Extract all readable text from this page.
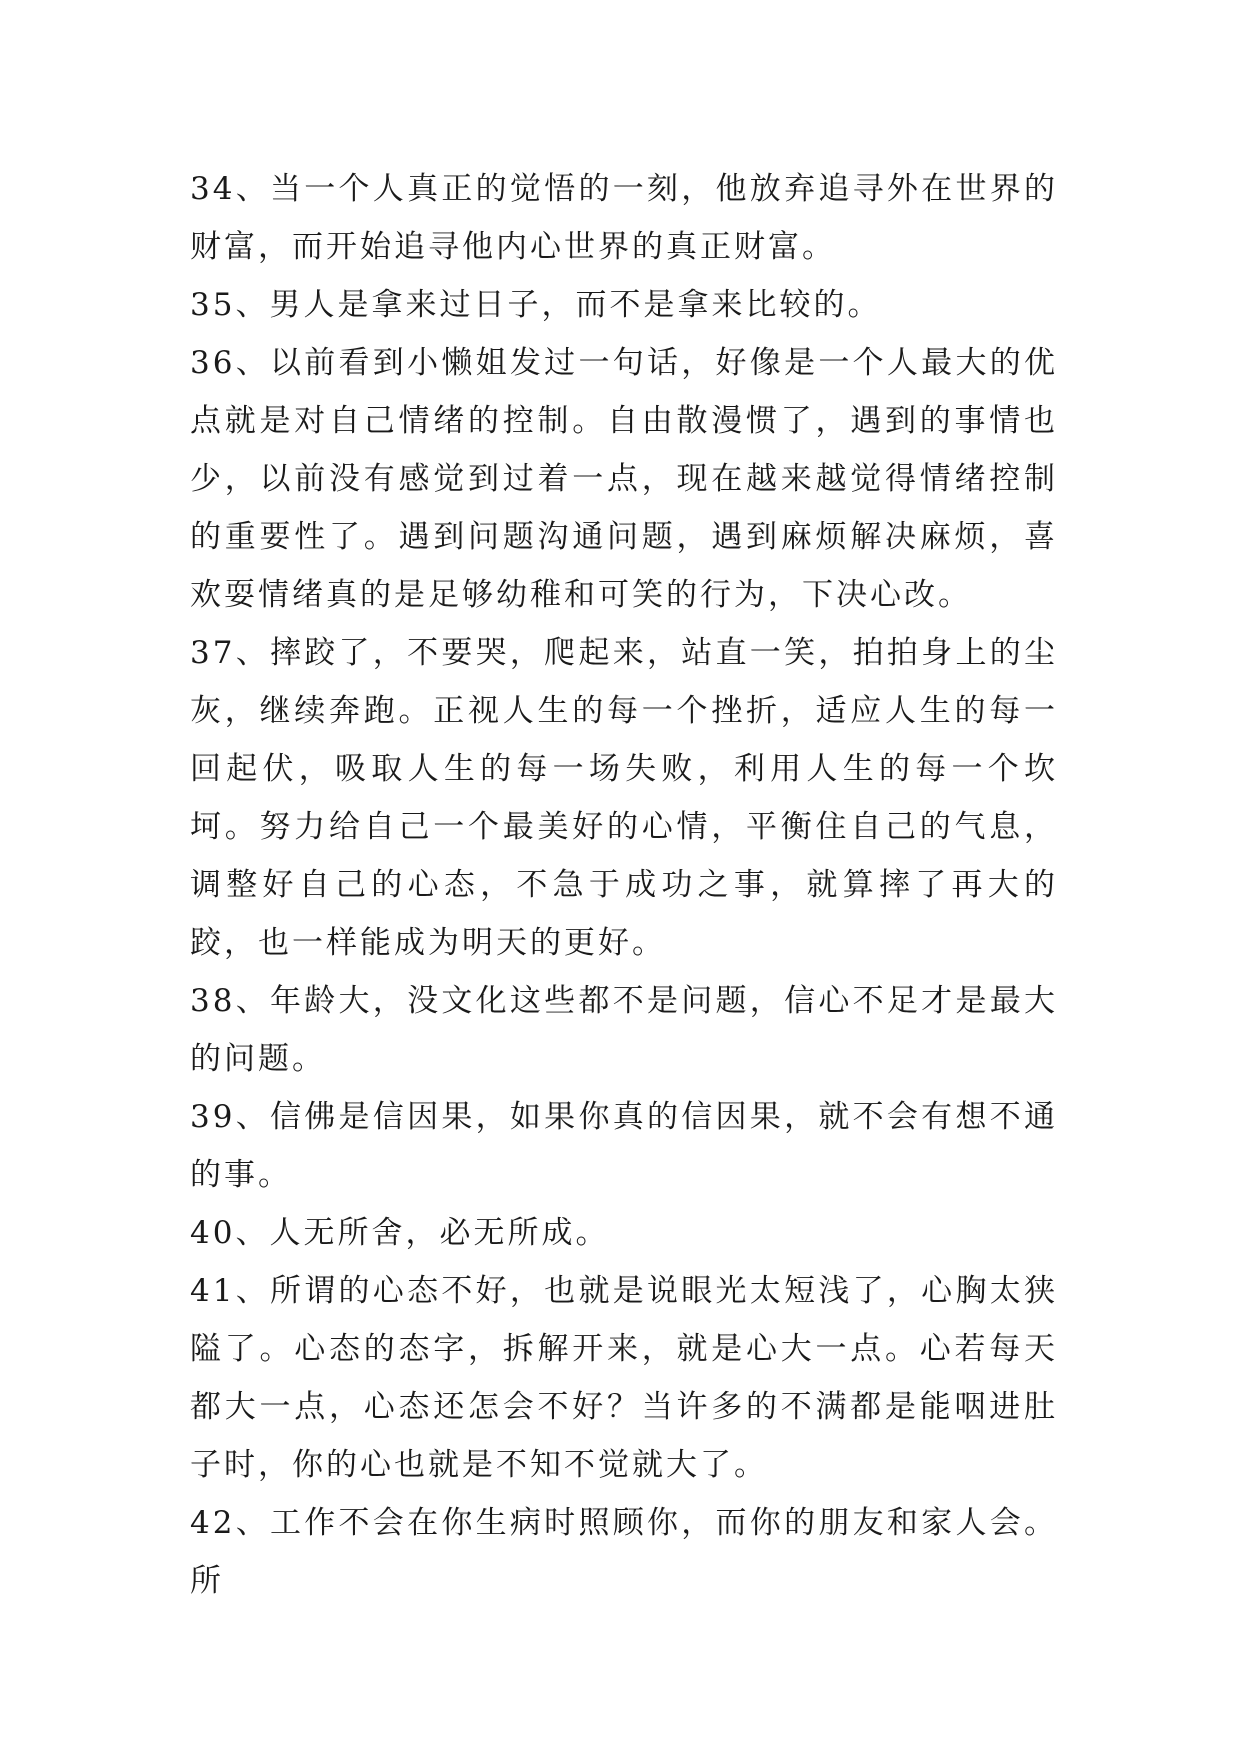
34、当一个人真正的觉悟的一刻，他放弃追寻外在世界的财富，而开始追寻他内心世界的真正财富。

35、男人是拿来过日子，而不是拿来比较的。

36、以前看到小懒姐发过一句话，好像是一个人最大的优点就是对自己情绪的控制。自由散漫惯了，遇到的事情也少，以前没有感觉到过着一点，现在越来越觉得情绪控制的重要性了。遇到问题沟通问题，遇到麻烦解决麻烦，喜欢耍情绪真的是足够幼稚和可笑的行为，下决心改。

37、摔跤了，不要哭，爬起来，站直一笑，拍拍身上的尘灰，继续奔跑。正视人生的每一个挫折，适应人生的每一回起伏，吸取人生的每一场失败，利用人生的每一个坎坷。努力给自己一个最美好的心情，平衡住自己的气息，调整好自己的心态，不急于成功之事，就算摔了再大的跤，也一样能成为明天的更好。

38、年龄大，没文化这些都不是问题，信心不足才是最大的问题。

39、信佛是信因果，如果你真的信因果，就不会有想不通的事。

40、人无所舍，必无所成。

41、所谓的心态不好，也就是说眼光太短浅了，心胸太狭隘了。心态的态字，拆解开来，就是心大一点。心若每天都大一点，心态还怎会不好？当许多的不满都是能咽进肚子时，你的心也就是不知不觉就大了。

42、工作不会在你生病时照顾你，而你的朋友和家人会。所
